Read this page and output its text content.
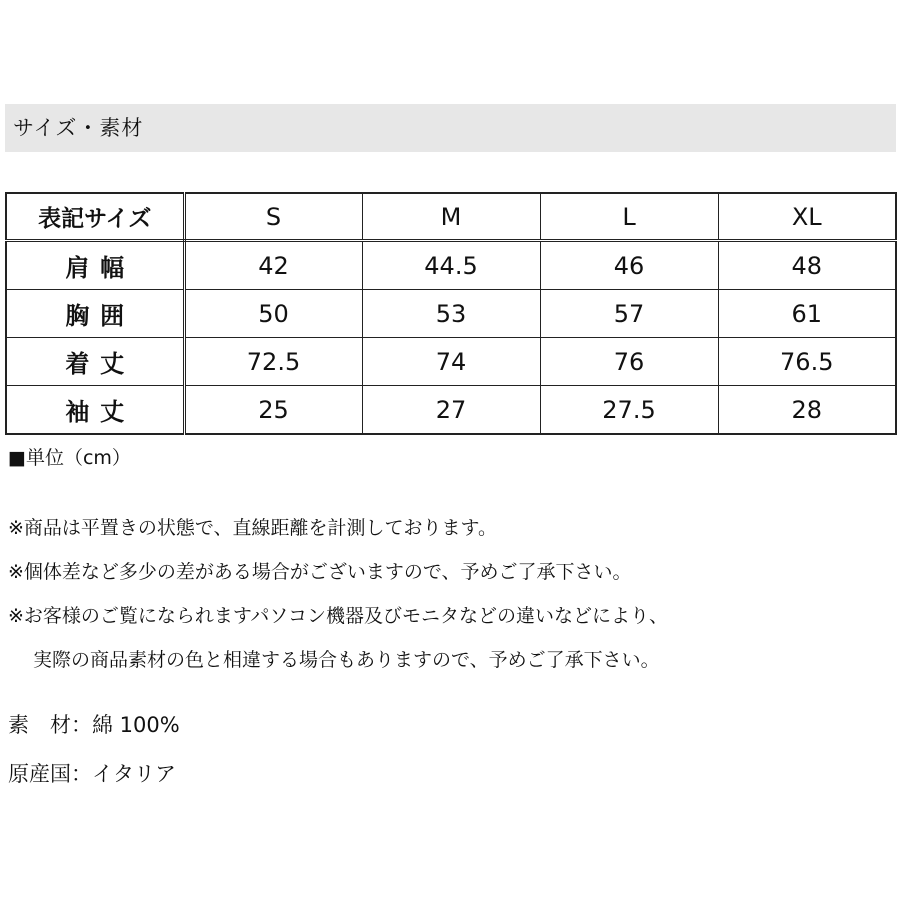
サイズ・素材
表記サイズ	S	M	L	XL
肩幅	42	44.5	46	48
胸囲	50	53	57	61
着丈	72.5	74	76	76.5
袖丈	25	27	27.5	28
■単位（cm）
※商品は平置きの状態で、直線距離を計測しております。
※個体差など多少の差がある場合がございますので、予めご了承下さい。
※お客様のご覧になられますパソコン機器及びモニタなどの違いなどにより、
実際の商品素材の色と相違する場合もありますので、予めご了承下さい。
素　材：綿 100%
原産国：イタリア
